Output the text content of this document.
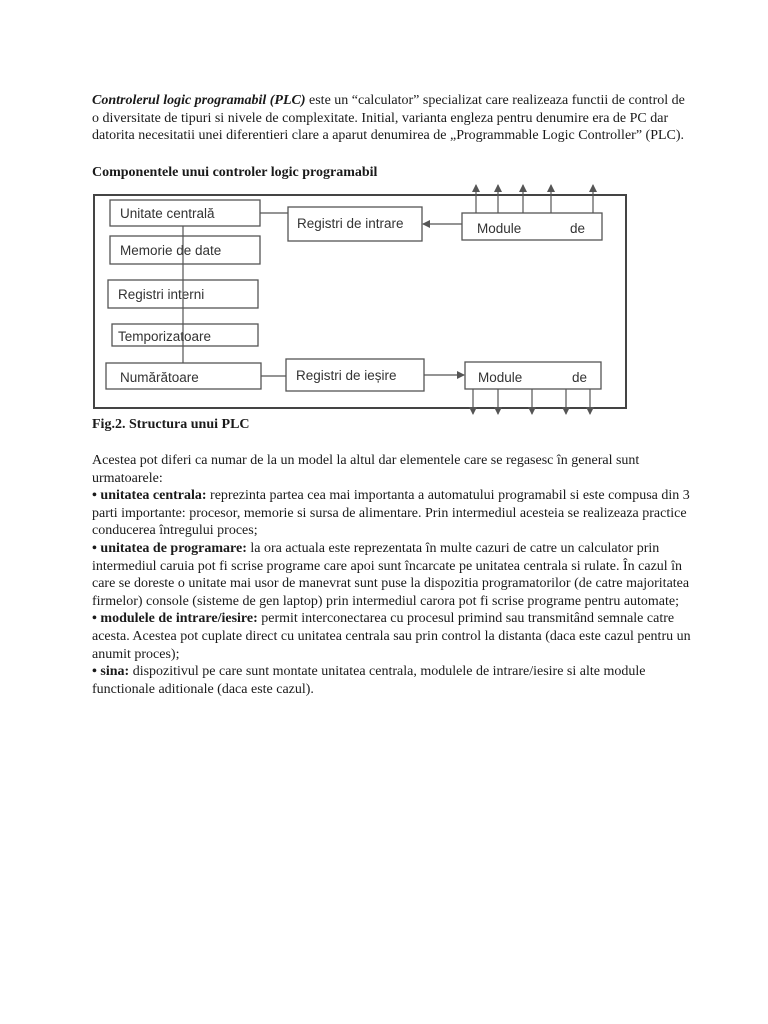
Controlerul logic programabil (PLC) este un “calculator” specializat care realizeaza functii de control de o diversitate de tipuri si nivele de complexitate. Initial, varianta engleza pentru denumire era de PC dar datorita necesitatii unei diferentieri clare a aparut denumirea de „Programmable Logic Controller” (PLC).

Componentele unui controler logic programabil
Unitate centrală
Memorie de date
Registri interni
Temporizatoare
Numărătoare
Registri de intrare	Module	de
Registri de ieșire	Module	de
Fig.2. Structura unui PLC

Acestea pot diferi ca numar de la un model la altul dar elementele care se regasesc în general sunt urmatoarele:

• unitatea centrala: reprezinta partea cea mai importanta a automatului programabil si este compusa din 3 parti importante: procesor, memorie si sursa de alimentare. Prin intermediul acesteia se realizeaza practice conducerea întregului proces;

• unitatea de programare: la ora actuala este reprezentata în multe cazuri de catre un calculator prin intermediul caruia pot fi scrise programe care apoi sunt încarcate pe unitatea centrala si rulate. În cazul în care se doreste o unitate mai usor de manevrat sunt puse la dispozitia programatorilor (de catre majoritatea firmelor) console (sisteme de gen laptop) prin intermediul carora pot fi scrise programe pentru automate;

• modulele de intrare/iesire: permit interconectarea cu procesul primind sau transmitând semnale catre acesta. Acestea pot cuplate direct cu unitatea centrala sau prin control la distanta (daca este cazul pentru un anumit proces);

• sina: dispozitivul pe care sunt montate unitatea centrala, modulele de intrare/iesire si alte module functionale aditionale (daca este cazul).
